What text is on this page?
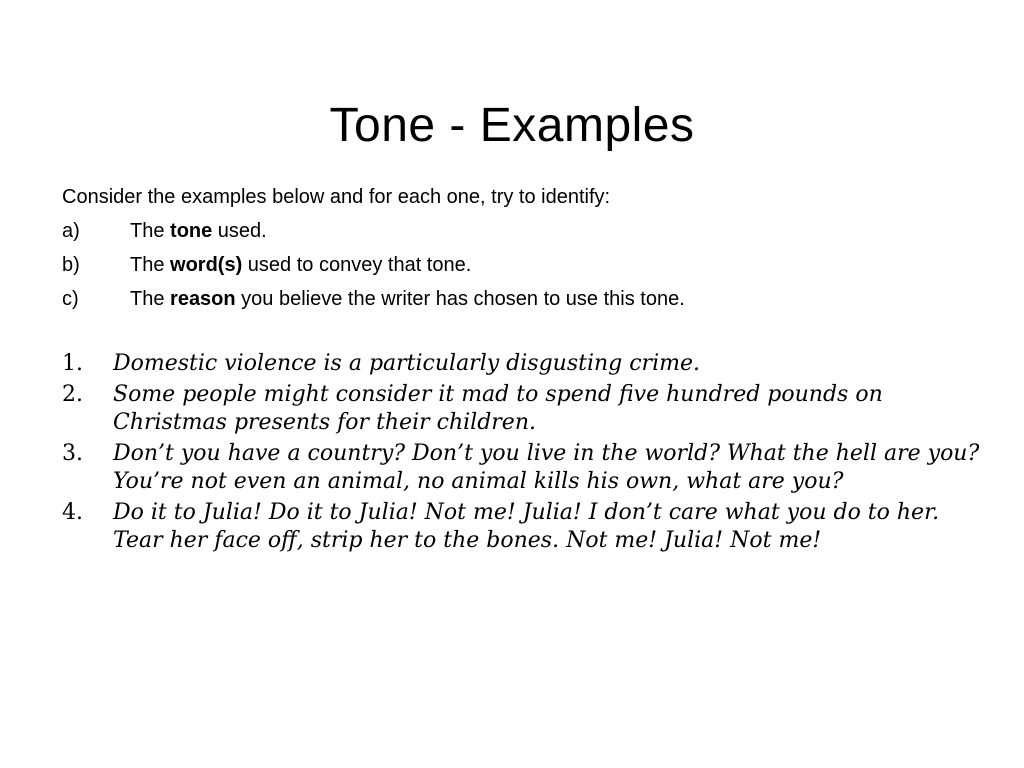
Tone - Examples
Consider the examples below and for each one, try to identify:
a)	The tone used.
b)	The word(s) used to convey that tone.
c)	The reason you believe the writer has chosen to use this tone.
1. Domestic violence is a particularly disgusting crime.
2. Some people might consider it mad to spend five hundred pounds on Christmas presents for their children.
3. Don’t you have a country? Don’t you live in the world? What the hell are you? You’re not even an animal, no animal kills his own, what are you?
4. Do it to Julia! Do it to Julia! Not me! Julia! I don’t care what you do to her. Tear her face off, strip her to the bones. Not me! Julia! Not me!
